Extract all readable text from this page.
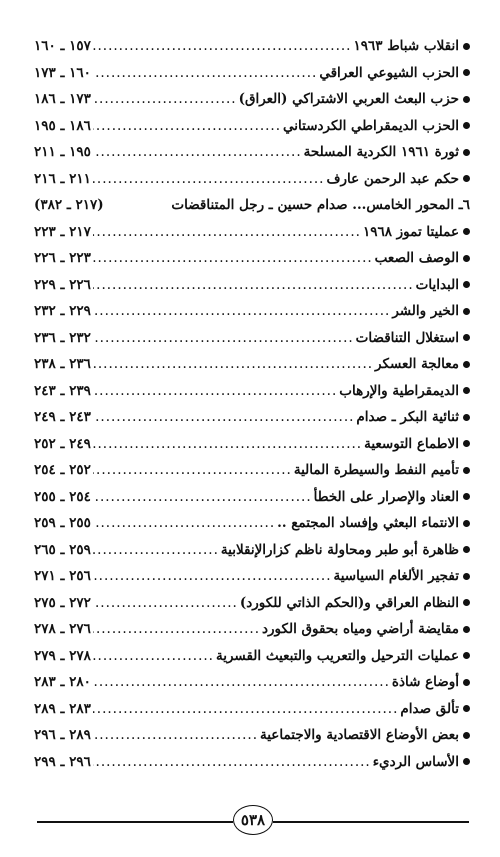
انقلاب شباط ١٩٦٣
.....
١٥٧ ـ ١٦٠
الحزب الشيوعي العراقي
.....
١٦٠ ـ ١٧٣
حزب البعث العربي الاشتراكي (العراق)
.....
١٧٣ ـ ١٨٦
الحزب الديمقراطي الكردستاني
.....
١٨٦ ـ ١٩٥
ثورة ١٩٦١ الكردية المسلحة
.....
١٩٥ ـ ٢١١
حكم عبد الرحمن عارف
.....
٢١١ ـ ٢١٦
٦ـ المحور الخامس... صدام حسين ـ رجل المتناقضات
(٢١٧ ـ ٣٨٢)
عمليتا تموز ١٩٦٨
.....
٢١٧ ـ ٢٢٣
الوصف الصعب
.....
٢٢٣ ـ ٢٢٦
البدايات
.....
٢٢٦ ـ ٢٢٩
الخير والشر
.....
٢٢٩ ـ ٢٣٢
استغلال التناقضات
.....
٢٣٢ ـ ٢٣٦
معالجة العسكر
.....
٢٣٦ ـ ٢٣٨
الديمقراطية والإرهاب
.....
٢٣٩ ـ ٢٤٣
ثنائية البكر ـ صدام
.....
٢٤٣ ـ ٢٤٩
الاطماع التوسعية
.....
٢٤٩ ـ ٢٥٢
تأميم النفط والسيطرة المالية
.....
٢٥٢ ـ ٢٥٤
العناد والإصرار على الخطأ
.....
٢٥٤ ـ ٢٥٥
الانتماء البعثي وإفساد المجتمع ..
.....
٢٥٥ ـ ٢٥٩
ظاهرة أبو طبر ومحاولة ناظم كزارالإنقلابية
.....
٢٥٩ ـ ٢٦٥
تفجير الألغام السياسية
.....
٢٥٦ ـ ٢٧١
النظام العراقي و(الحكم الذاتي للكورد)
.....
٢٧٢ ـ ٢٧٥
مقايضة أراضي ومياه بحقوق الكورد
.....
٢٧٦ ـ ٢٧٨
عمليات الترحيل والتعريب والتبعيث القسرية
.....
٢٧٨ ـ ٢٧٩
أوضاع شاذة
.....
٢٨٠ ـ ٢٨٣
تألق صدام
.....
٢٨٣ ـ ٢٨٩
بعض الأوضاع الاقتصادية والاجتماعية
.....
٢٨٩ ـ ٢٩٦
الأساس الرديء
.....
٢٩٦ ـ ٢٩٩
٥٣٨
